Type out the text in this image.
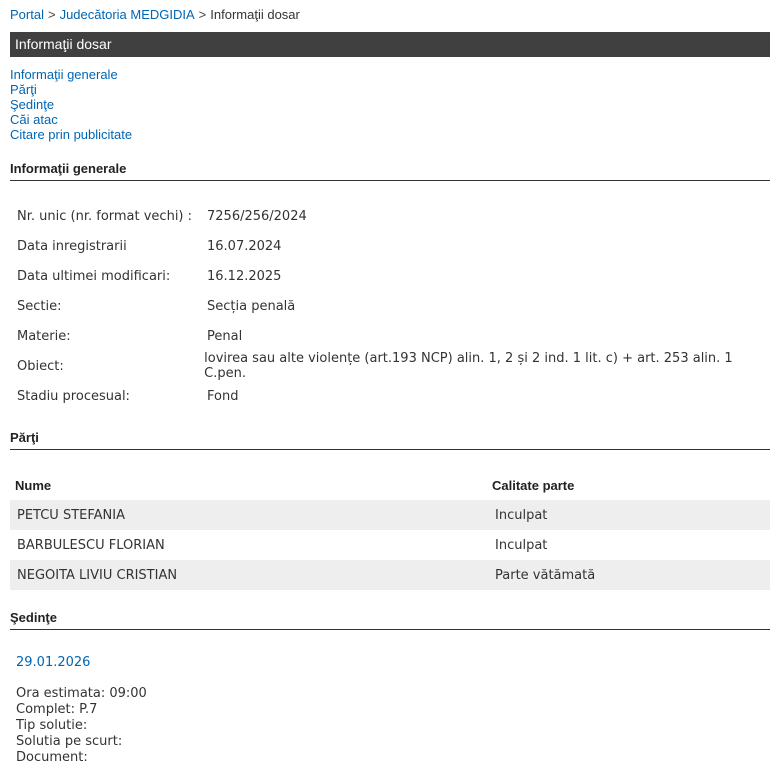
Portal > Judecătoria MEDGIDIA > Informaţii dosar
Informaţii dosar
Informaţii generale
Părţi
Şedinţe
Căi atac
Citare prin publicitate
Informaţii generale
Nr. unic (nr. format vechi) :	7256/256/2024
Data inregistrarii	16.07.2024
Data ultimei modificari:	16.12.2025
Sectie:	Secția penală
Materie:	Penal
Obiect:	lovirea sau alte violențe (art.193 NCP) alin. 1, 2 și 2 ind. 1 lit. c) + art. 253 alin. 1 C.pen.
Stadiu procesual:	Fond
Părţi
Nume	Calitate parte
PETCU STEFANIA	Inculpat
BARBULESCU FLORIAN	Inculpat
NEGOITA LIVIU CRISTIAN	Parte vătămată
Şedinţe
29.01.2026
Ora estimata: 09:00
Complet: P.7
Tip solutie:
Solutia pe scurt:
Document:
